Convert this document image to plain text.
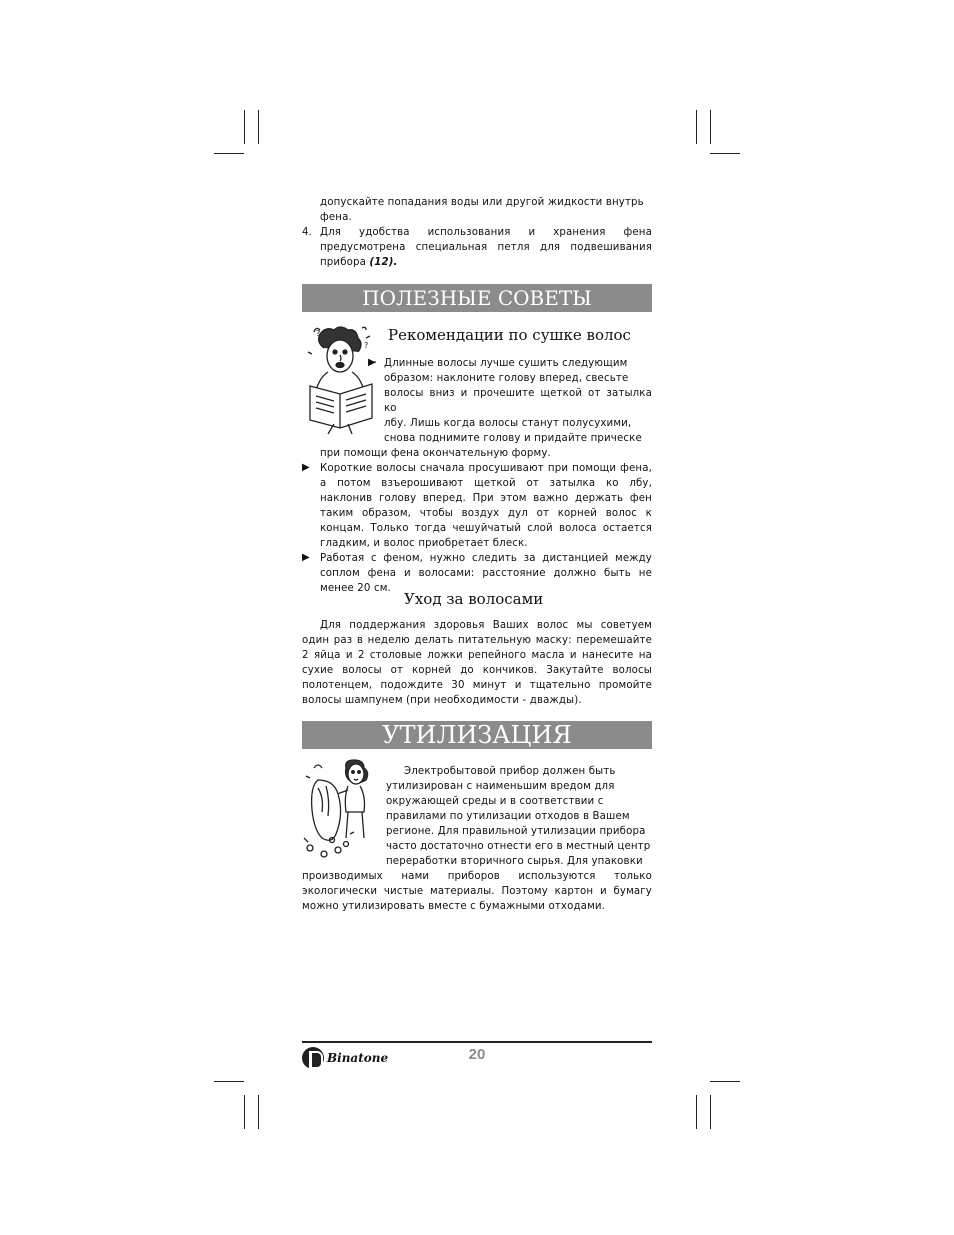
допускайте попадания воды или другой жидкости внутрь

фена.

4. Для удобства использования и хранения фена предусмотрена специальная петля для подвешивания прибора (12).

ПОЛЕЗНЫЕ СОВЕТЫ
?
?
Рекомендации по сушке волос
▶ Длинные волосы лучше сушить следующим

образом: наклоните голову вперед, свесьте

волосы вниз и прочешите щеткой от затылка ко

лбу. Лишь когда волосы станут полусухими,

снова поднимите голову и придайте прическе

при помощи фена окончательную форму.

▶ Короткие волосы сначала просушивают при помощи фена, а потом взъерошивают щеткой от затылка ко лбу, наклонив голову вперед. При этом важно держать фен таким образом, чтобы воздух дул от корней волос к концам. Только тогда чешуйчатый слой волоса остается гладким, и волос приобретает блеск.

▶ Работая с феном, нужно следить за дистанцией между соплом фена и волосами: расстояние должно быть не менее 20 см.

Уход за волосами

Для поддержания здоровья Ваших волос мы советуем один раз в неделю делать питательную маску: перемешайте 2 яйца и 2 столовые ложки репейного масла и нанесите на сухие волосы от корней до кончиков. Закутайте волосы полотенцем, подождите 30 минут и тщательно промойте волосы шампунем (при необходимости - дважды).

УТИЛИЗАЦИЯ

Электробытовой прибор должен быть

утилизирован с наименьшим вредом для

окружающей среды и в соответствии с

правилами по утилизации отходов в Вашем

регионе. Для правильной утилизации прибора

часто достаточно отнести его в местный центр

переработки вторичного сырья. Для упаковки

производимых нами приборов используются только экологически чистые материалы. Поэтому картон и бумагу можно утилизировать вместе с бумажными отходами.

Binatone	20
